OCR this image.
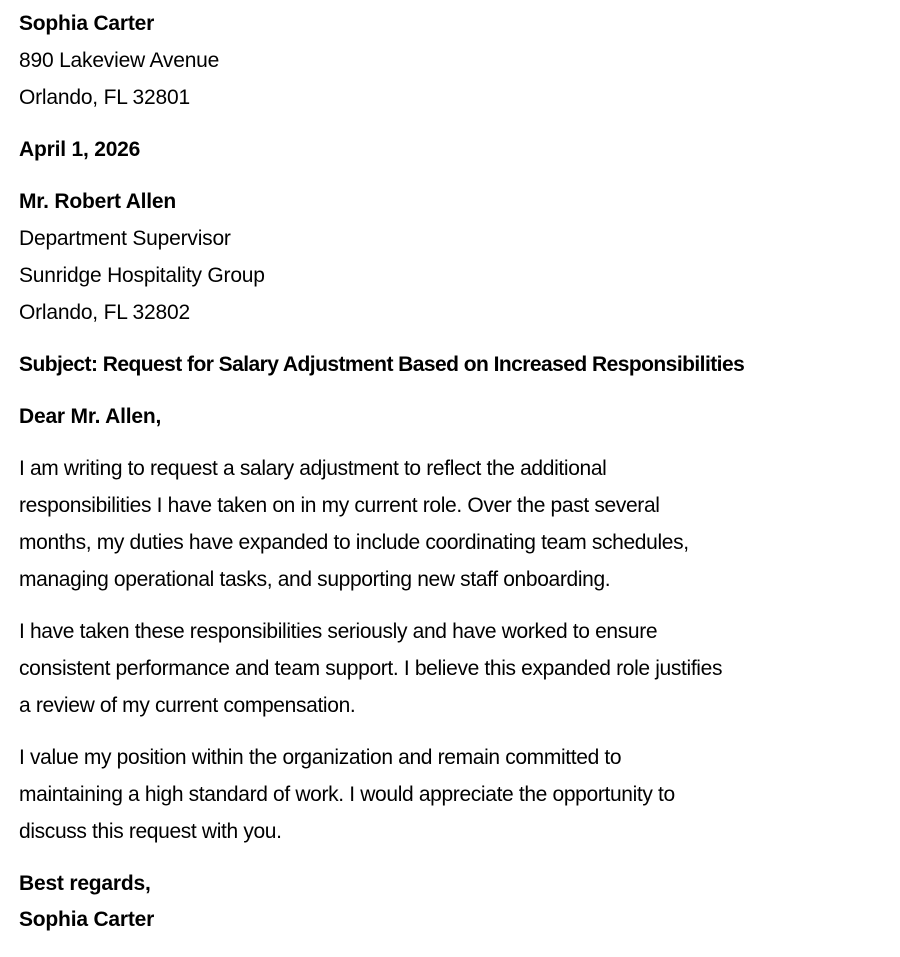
Sophia Carter
890 Lakeview Avenue
Orlando, FL 32801
April 1, 2026
Mr. Robert Allen
Department Supervisor
Sunridge Hospitality Group
Orlando, FL 32802
Subject: Request for Salary Adjustment Based on Increased Responsibilities
Dear Mr. Allen,
I am writing to request a salary adjustment to reflect the additional
responsibilities I have taken on in my current role. Over the past several
months, my duties have expanded to include coordinating team schedules,
managing operational tasks, and supporting new staff onboarding.
I have taken these responsibilities seriously and have worked to ensure
consistent performance and team support. I believe this expanded role justifies
a review of my current compensation.
I value my position within the organization and remain committed to
maintaining a high standard of work. I would appreciate the opportunity to
discuss this request with you.
Best regards,
Sophia Carter
